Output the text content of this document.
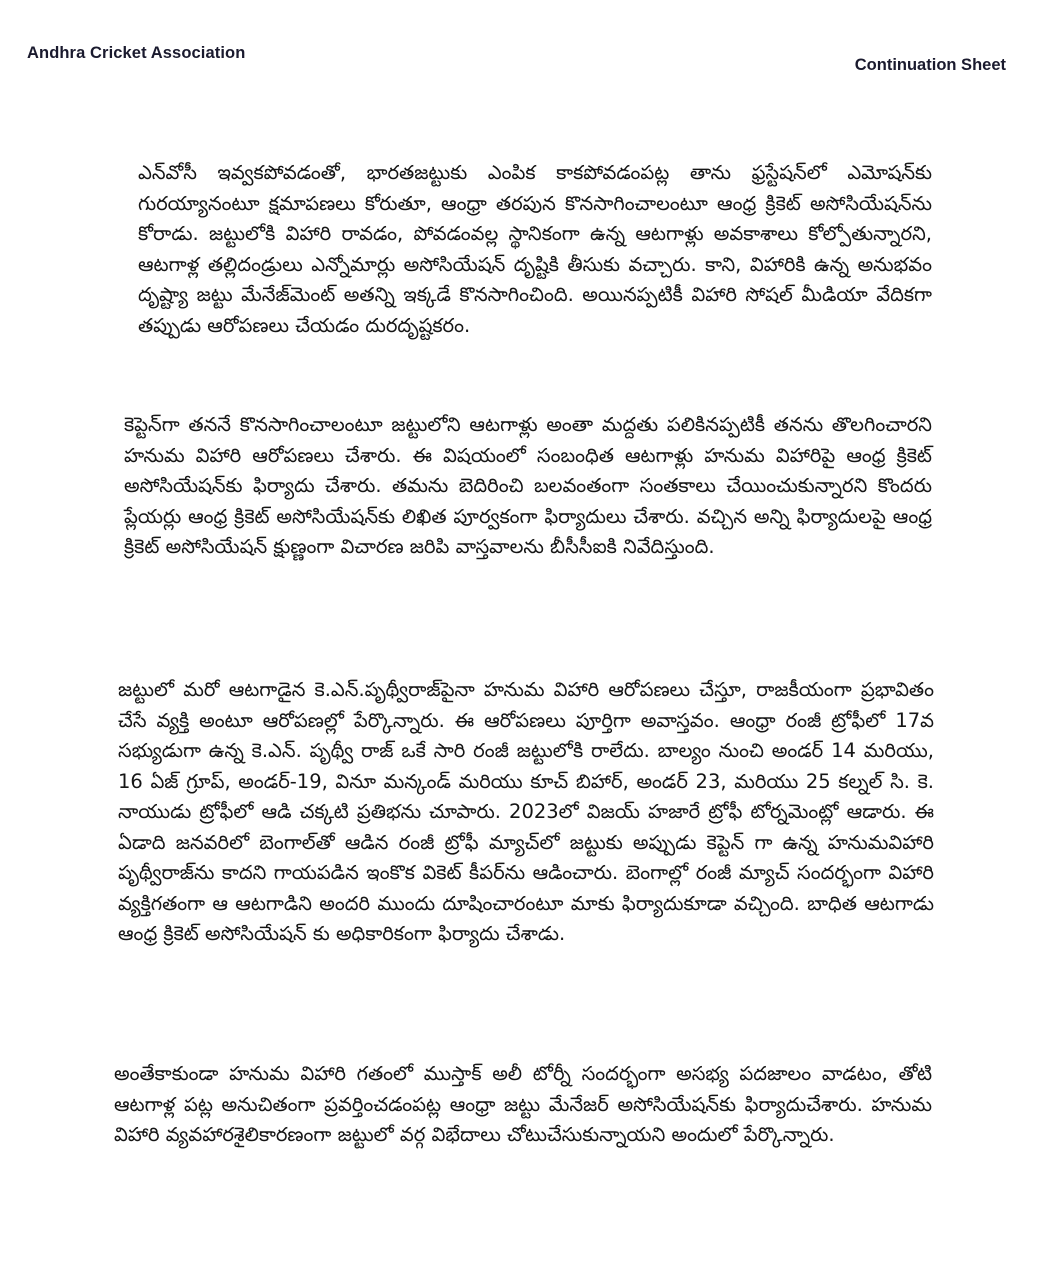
Andhra Cricket Association
Continuation Sheet

ఎన్‌వోసీ ఇవ్వకపోవడంతో, భారతజట్టుకు ఎంపిక కాకపోవడంపట్ల తాను ఫ్రస్టేషన్‌లో ఎమోషన్‌కు గురయ్యానంటూ క్షమాపణలు కోరుతూ, ఆంధ్రా తరపున కొనసాగించాలంటూ ఆంధ్ర క్రికెట్ అసోసియేషన్‌ను కోరాడు. జట్టులోకి విహారి రావడం, పోవడంవల్ల స్థానికంగా ఉన్న ఆటగాళ్లు అవకాశాలు కోల్పోతున్నారని, ఆటగాళ్ల తల్లిదండ్రులు ఎన్నోమార్లు అసోసియేషన్ దృష్టికి తీసుకు వచ్చారు. కాని, విహారికి ఉన్న అనుభవం దృష్ట్యా జట్టు మేనేజ్‌మెంట్ అతన్ని ఇక్కడే కొనసాగించింది. అయినప్పటికీ విహారి సోషల్ మీడియా వేదికగా తప్పుడు ఆరోపణలు చేయడం దురదృష్టకరం.

కెప్టెన్‌గా తననే కొనసాగించాలంటూ జట్టులోని ఆటగాళ్లు అంతా మద్దతు పలికినప్పటికీ తనను తొలగించారని హనుమ విహారి ఆరోపణలు చేశారు. ఈ విషయంలో సంబంధిత ఆటగాళ్లు హనుమ విహారిపై ఆంధ్ర క్రికెట్ అసోసియేషన్‌కు ఫిర్యాదు చేశారు. తమను బెదిరించి బలవంతంగా సంతకాలు చేయించుకున్నారని కొందరు ప్లేయర్లు ఆంధ్ర క్రికెట్ అసోసియేషన్‌కు లిఖిత పూర్వకంగా ఫిర్యాదులు చేశారు. వచ్చిన అన్ని ఫిర్యాదులపై ఆంధ్ర క్రికెట్ అసోసియేషన్ క్షుణ్ణంగా విచారణ జరిపి వాస్తవాలను బీసీసీఐకి నివేదిస్తుంది.

జట్టులో మరో ఆటగాడైన కె.ఎన్.పృథ్వీరాజ్‌పైనా హనుమ విహారి ఆరోపణలు చేస్తూ, రాజకీయంగా ప్రభావితం చేసే వ్యక్తి అంటూ ఆరోపణల్లో పేర్కొన్నారు. ఈ ఆరోపణలు పూర్తిగా అవాస్తవం. ఆంధ్రా రంజీ ట్రోఫీలో 17వ సభ్యుడుగా ఉన్న కె.ఎన్. పృథ్వీ రాజ్ ఒకే సారి రంజీ జట్టులోకి రాలేదు. బాల్యం నుంచి అండర్ 14 మరియు, 16 ఏజ్ గ్రూప్, అండర్-19, వినూ మన్కండ్ మరియు కూచ్ బిహార్, అండర్ 23, మరియు 25 కల్నల్ సి. కె. నాయుడు ట్రోఫీలో ఆడి చక్కటి ప్రతిభను చూపారు. 2023లో విజయ్ హజారే ట్రోఫీ టోర్నమెంట్లో ఆడారు. ఈ ఏడాది జనవరిలో బెంగాల్‌తో ఆడిన రంజీ ట్రోఫీ మ్యాచ్‌లో జట్టుకు అప్పుడు కెప్టెన్ గా ఉన్న హనుమవిహారి పృథ్వీరాజ్‌ను కాదని గాయపడిన ఇంకొక వికెట్ కీపర్‌ను ఆడించారు. బెంగాల్లో రంజీ మ్యాచ్ సందర్భంగా విహారి వ్యక్తిగతంగా ఆ ఆటగాడిని అందరి ముందు దూషించారంటూ మాకు ఫిర్యాదుకూడా వచ్చింది. బాధిత ఆటగాడు ఆంధ్ర క్రికెట్ అసోసియేషన్ కు అధికారికంగా ఫిర్యాదు చేశాడు.

అంతేకాకుండా హనుమ విహారి గతంలో ముస్తాక్ అలీ టోర్నీ సందర్భంగా అసభ్య పదజాలం వాడటం, తోటి ఆటగాళ్ల పట్ల అనుచితంగా ప్రవర్తించడంపట్ల ఆంధ్రా జట్టు మేనేజర్ అసోసియేషన్‌కు ఫిర్యాదుచేశారు. హనుమ విహారి వ్యవహారశైలికారణంగా జట్టులో వర్గ విభేదాలు చోటుచేసుకున్నాయని అందులో పేర్కొన్నారు.
